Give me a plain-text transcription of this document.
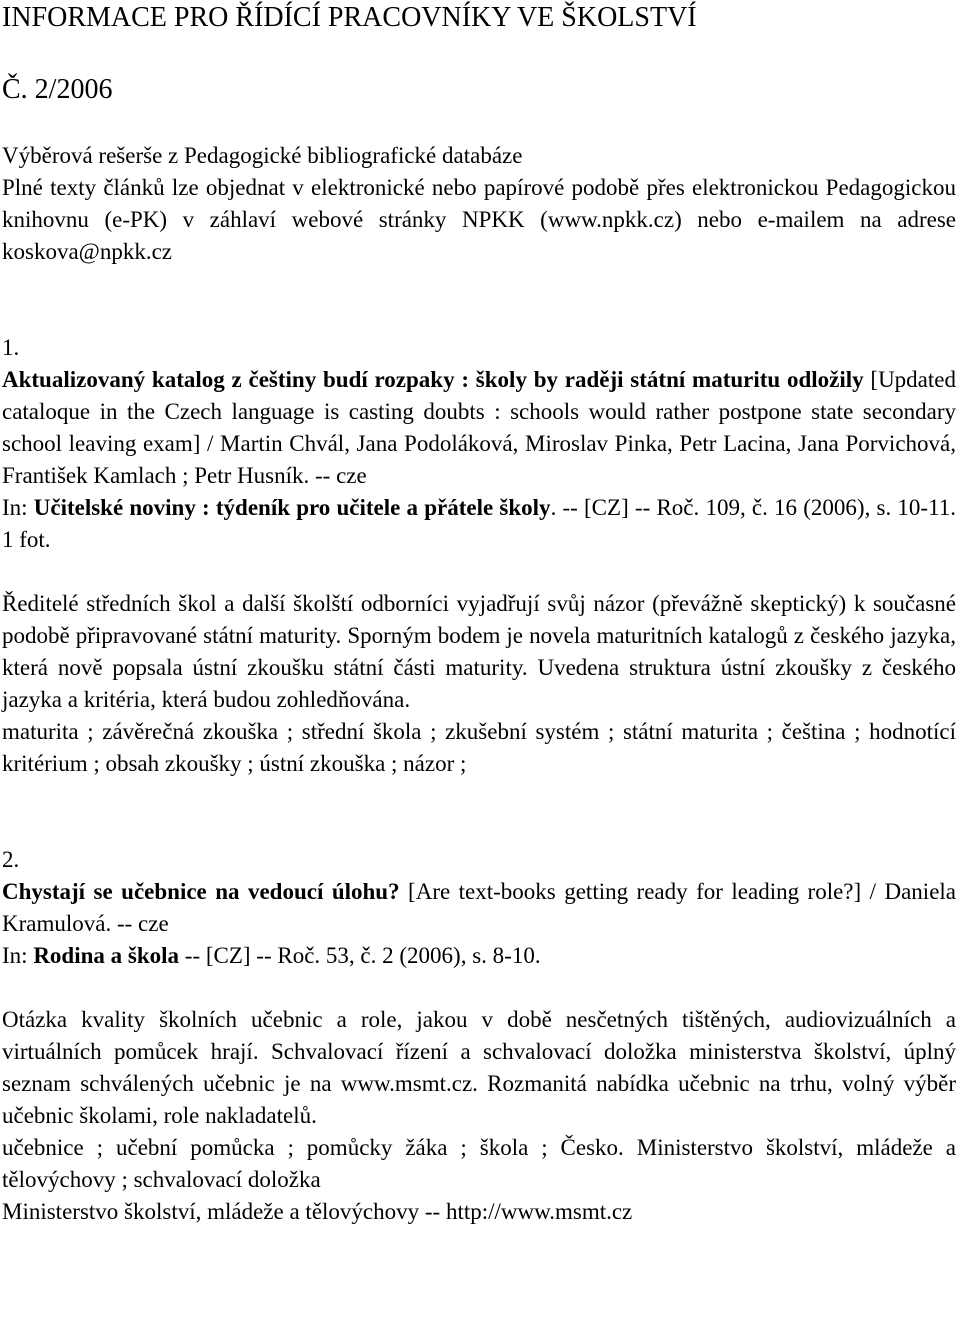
INFORMACE PRO ŘÍDÍCÍ PRACOVNÍKY VE ŠKOLSTVÍ
Č. 2/2006
Výběrová rešerše z Pedagogické bibliografické databáze
Plné texty článků lze objednat v elektronické nebo papírové podobě přes elektronickou Pedagogickou knihovnu (e-PK) v záhlaví webové stránky NPKK (www.npkk.cz) nebo e-mailem na adrese koskova@npkk.cz
1.
Aktualizovaný katalog z češtiny budí rozpaky : školy by raději státní maturitu odložily [Updated cataloque in the Czech language is casting doubts : schools would rather postpone state secondary school leaving exam] / Martin Chvál, Jana Podoláková, Miroslav Pinka, Petr Lacina, Jana Porvichová, František Kamlach ; Petr Husník. -- cze
In: Učitelské noviny : týdeník pro učitele a přátele školy. -- [CZ] -- Roč. 109, č. 16 (2006), s. 10-11. 1 fot.
Ředitelé středních škol a další školští odborníci vyjadřují svůj názor (převážně skeptický) k současné podobě připravované státní maturity. Sporným bodem je novela maturitních katalogů z českého jazyka, která nově popsala ústní zkoušku státní části maturity. Uvedena struktura ústní zkoušky z českého jazyka a kritéria, která budou zohledňována.
maturita ; závěrečná zkouška ; střední škola ; zkušební systém ; státní maturita ; čeština ; hodnotící kritérium ; obsah zkoušky ; ústní zkouška ; názor ;
2.
Chystají se učebnice na vedoucí úlohu? [Are text-books getting ready for leading role?] / Daniela Kramulová. -- cze
In: Rodina a škola -- [CZ] -- Roč. 53, č. 2 (2006), s. 8-10.
Otázka kvality školních učebnic a role, jakou v době nesčetných tištěných, audiovizuálních a virtuálních pomůcek hrají. Schvalovací řízení a schvalovací doložka ministerstva školství, úplný seznam schválených učebnic je na www.msmt.cz. Rozmanitá nabídka učebnic na trhu, volný výběr učebnic školami, role nakladatelů.
učebnice ; učební pomůcka ; pomůcky žáka ; škola ; Česko. Ministerstvo školství, mládeže a tělovýchovy ; schvalovací doložka
Ministerstvo školství, mládeže a tělovýchovy -- http://www.msmt.cz
